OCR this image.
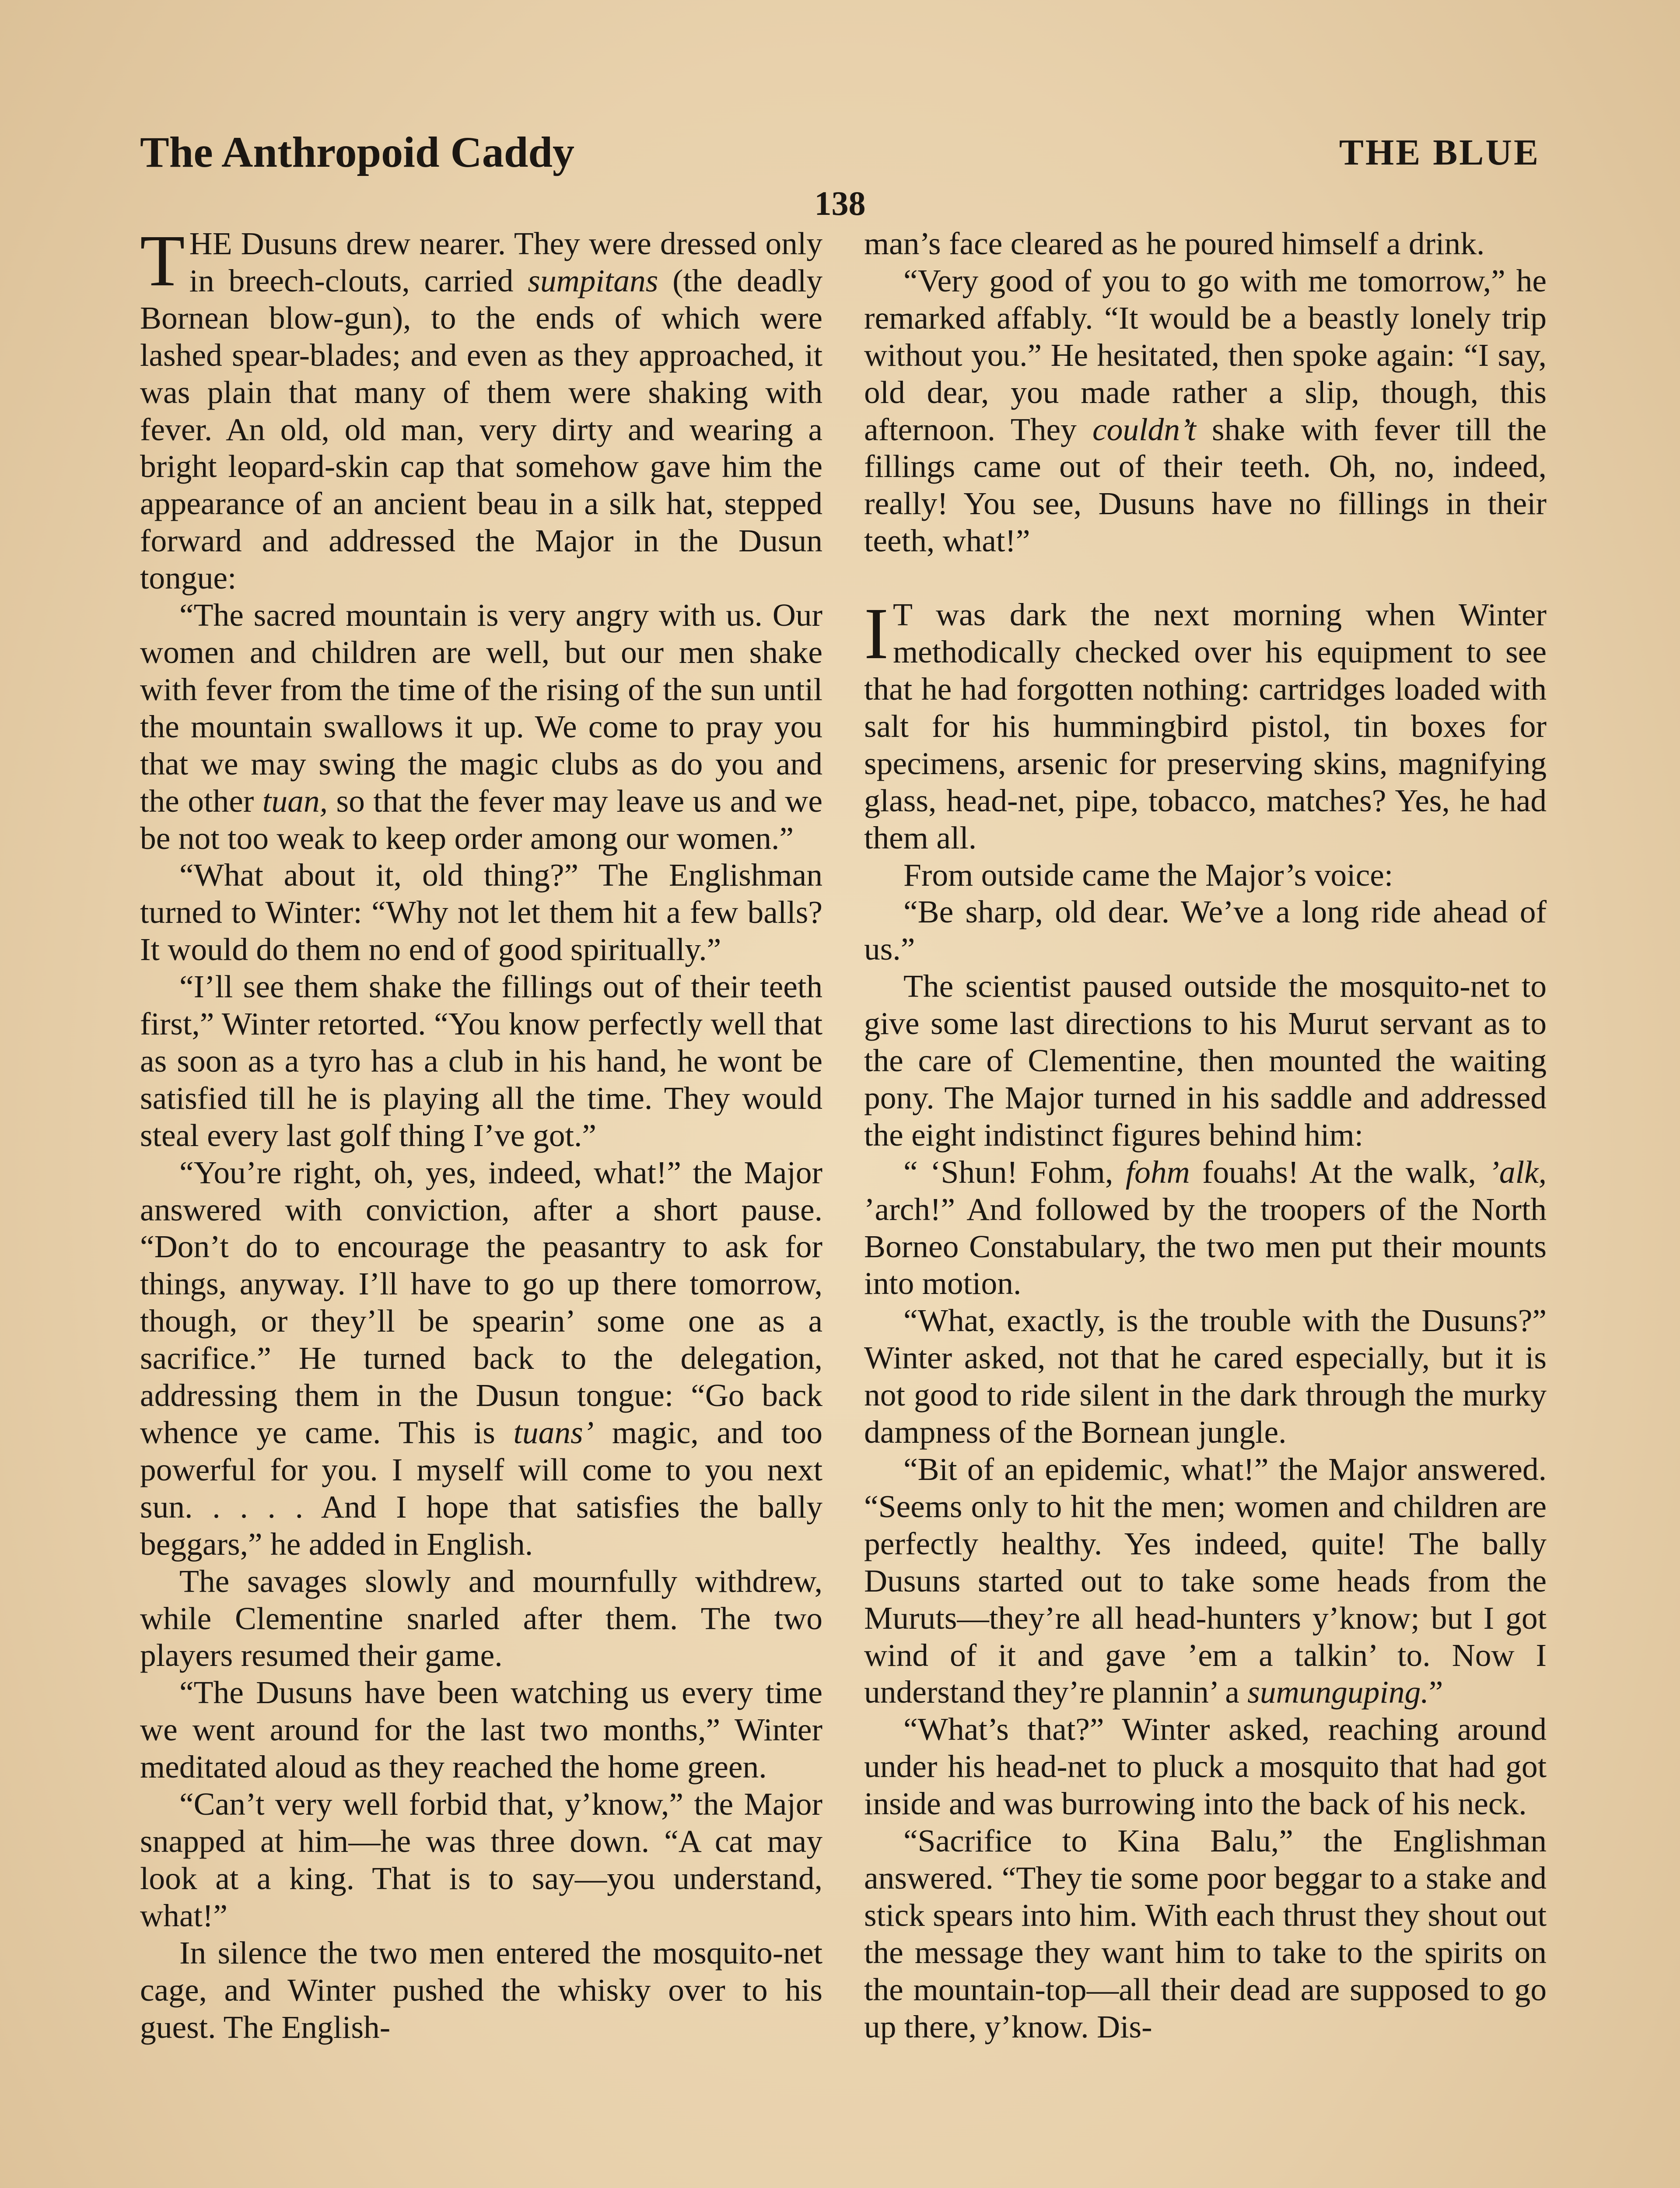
The Anthropoid Caddy	THE BLUE
138

THE Dusuns drew nearer. They were dressed only in breech-clouts, carried sumpitans (the deadly Bornean blow-gun), to the ends of which were lashed spear-blades; and even as they approached, it was plain that many of them were shaking with fever. An old, old man, very dirty and wearing a bright leopard-skin cap that somehow gave him the appearance of an ancient beau in a silk hat, stepped forward and addressed the Major in the Dusun tongue:

“The sacred mountain is very angry with us. Our women and children are well, but our men shake with fever from the time of the rising of the sun until the mountain swallows it up. We come to pray you that we may swing the magic clubs as do you and the other tuan, so that the fever may leave us and we be not too weak to keep order among our women.”

“What about it, old thing?” The Englishman turned to Winter: “Why not let them hit a few balls? It would do them no end of good spiritually.”

“I’ll see them shake the fillings out of their teeth first,” Winter retorted. “You know perfectly well that as soon as a tyro has a club in his hand, he wont be satisfied till he is playing all the time. They would steal every last golf thing I’ve got.”

“You’re right, oh, yes, indeed, what!” the Major answered with conviction, after a short pause. “Don’t do to encourage the peasantry to ask for things, anyway. I’ll have to go up there tomorrow, though, or they’ll be spearin’ some one as a sacrifice.” He turned back to the delegation, addressing them in the Dusun tongue: “Go back whence ye came. This is tuans’ magic, and too powerful for you. I myself will come to you next sun. . . . . And I hope that satisfies the bally beggars,” he added in English.

The savages slowly and mournfully withdrew, while Clementine snarled after them. The two players resumed their game.

“The Dusuns have been watching us every time we went around for the last two months,” Winter meditated aloud as they reached the home green.

“Can’t very well forbid that, y’know,” the Major snapped at him—he was three down. “A cat may look at a king. That is to say—you understand, what!”

In silence the two men entered the mosquito-net cage, and Winter pushed the whisky over to his guest. The English-

man’s face cleared as he poured himself a drink.

“Very good of you to go with me tomorrow,” he remarked affably. “It would be a beastly lonely trip without you.” He hesitated, then spoke again: “I say, old dear, you made rather a slip, though, this afternoon. They couldn’t shake with fever till the fillings came out of their teeth. Oh, no, indeed, really! You see, Dusuns have no fillings in their teeth, what!”

I T was dark the next morning when Winter methodically checked over his equipment to see that he had forgotten nothing: cartridges loaded with salt for his hummingbird pistol, tin boxes for specimens, arsenic for preserving skins, magnifying glass, head-net, pipe, tobacco, matches? Yes, he had them all.

From outside came the Major’s voice:

“Be sharp, old dear. We’ve a long ride ahead of us.”

The scientist paused outside the mosquito-net to give some last directions to his Murut servant as to the care of Clementine, then mounted the waiting pony. The Major turned in his saddle and addressed the eight indistinct figures behind him:

“ ‘Shun! Fohm, fohm fouahs! At the walk, ’alk, ’arch!” And followed by the troopers of the North Borneo Constabulary, the two men put their mounts into motion.

“What, exactly, is the trouble with the Dusuns?” Winter asked, not that he cared especially, but it is not good to ride silent in the dark through the murky dampness of the Bornean jungle.

“Bit of an epidemic, what!” the Major answered. “Seems only to hit the men; women and children are perfectly healthy. Yes indeed, quite! The bally Dusuns started out to take some heads from the Muruts—they’re all head-hunters y’know; but I got wind of it and gave ’em a talkin’ to. Now I understand they’re plannin’ a sumunguping.”

“What’s that?” Winter asked, reaching around under his head-net to pluck a mosquito that had got inside and was burrowing into the back of his neck.

“Sacrifice to Kina Balu,” the Englishman answered. “They tie some poor beggar to a stake and stick spears into him. With each thrust they shout out the message they want him to take to the spirits on the mountain-top—all their dead are supposed to go up there, y’know. Dis-
